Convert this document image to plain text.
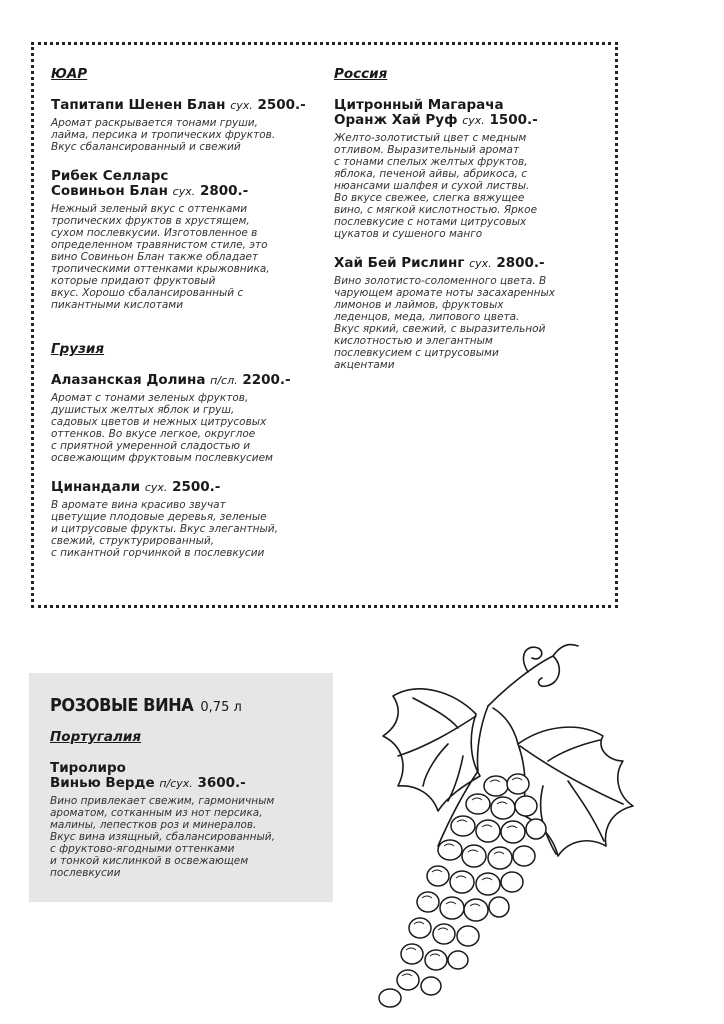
ЮАР
Тапитапи Шенен Блан сух. 2500.-
Аромат раскрывается тонами груши,
лайма, персика и тропических фруктов.
Вкус сбалансированный и свежий
Рибек Селларс
Совиньон Блан сух. 2800.-
Нежный зеленый вкус с оттенками
тропических фруктов в хрустящем,
сухом послевкусии. Изготовленное в
определенном травянистом стиле, это
вино Совиньон Блан также обладает
тропическими оттенками крыжовника,
которые придают фруктовый
вкус. Хорошо сбалансированный с
пикантными кислотами
Грузия
Алазанская Долина п/сл. 2200.-
Аромат с тонами зеленых фруктов,
душистых желтых яблок и груш,
садовых цветов и нежных цитрусовых
оттенков. Во вкусе легкое, округлое
с приятной умеренной сладостью и
освежающим фруктовым послевкусием
Цинандали сух. 2500.-
В аромате вина красиво звучат
цветущие плодовые деревья, зеленые
и цитрусовые фрукты. Вкус элегантный,
свежий, структурированный,
с пикантной горчинкой в послевкусии
Россия
Цитронный Магарача
Оранж Хай Руф сух. 1500.-
Желто-золотистый цвет с медным
отливом. Выразительный аромат
с тонами спелых желтых фруктов,
яблока, печеной айвы, абрикоса, с
нюансами шалфея и сухой листвы.
Во вкусе свежее, слегка вяжущее
вино, с мягкой кислотностью. Яркое
послевкусие с нотами цитрусовых
цукатов и сушеного манго
Хай Бей Рислинг сух. 2800.-
Вино золотисто-соломенного цвета. В
чарующем аромате ноты засахаренных
лимонов и лаймов, фруктовых
леденцов, меда, липового цвета.
Вкус яркий, свежий, с выразительной
кислотностью и элегантным
послевкусием с цитрусовыми
акцентами
РОЗОВЫЕ ВИНА 0,75 л
Португалия
Тиролиро
Винью Верде п/сух. 3600.-
Вино привлекает свежим, гармоничным
ароматом, сотканным из нот персика,
малины, лепестков роз и минералов.
Вкус вина изящный, сбалансированный,
с фруктово-ягодными оттенками
и тонкой кислинкой в освежающем
послевкусии
